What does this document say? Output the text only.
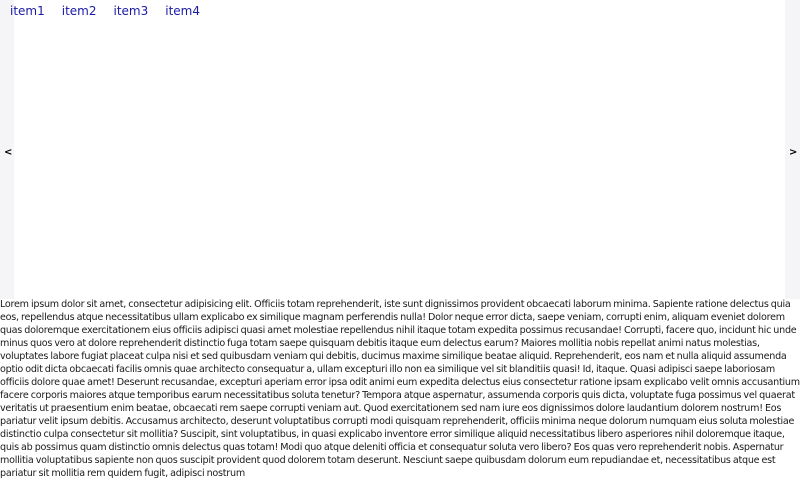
item1 item2 item3 item4
<	>

Lorem ipsum dolor sit amet, consectetur adipisicing elit. Officiis totam reprehenderit, iste sunt dignissimos provident obcaecati laborum minima. Sapiente ratione delectus quia eos, repellendus atque necessitatibus ullam explicabo ex similique magnam perferendis nulla! Dolor neque error dicta, saepe veniam, corrupti enim, aliquam eveniet dolorem quas doloremque exercitationem eius officiis adipisci quasi amet molestiae repellendus nihil itaque totam expedita possimus recusandae! Corrupti, facere quo, incidunt hic unde minus quos vero at dolore reprehenderit distinctio fuga totam saepe quisquam debitis itaque eum delectus earum? Maiores mollitia nobis repellat animi natus molestias, voluptates labore fugiat placeat culpa nisi et sed quibusdam veniam qui debitis, ducimus maxime similique beatae aliquid. Reprehenderit, eos nam et nulla aliquid assumenda optio odit dicta obcaecati facilis omnis quae architecto consequatur a, ullam excepturi illo non ea similique vel sit blanditiis quasi! Id, itaque. Quasi adipisci saepe laboriosam officiis dolore quae amet! Deserunt recusandae, excepturi aperiam error ipsa odit animi eum expedita delectus eius consectetur ratione ipsam explicabo velit omnis accusantium facere corporis maiores atque temporibus earum necessitatibus soluta tenetur? Tempora atque aspernatur, assumenda corporis quis dicta, voluptate fuga possimus vel quaerat veritatis ut praesentium enim beatae, obcaecati rem saepe corrupti veniam aut. Quod exercitationem sed nam iure eos dignissimos dolore laudantium dolorem nostrum! Eos pariatur velit ipsum debitis. Accusamus architecto, deserunt voluptatibus corrupti modi quisquam reprehenderit, officiis minima neque dolorum numquam eius soluta molestiae distinctio culpa consectetur sit mollitia? Suscipit, sint voluptatibus, in quasi explicabo inventore error similique aliquid necessitatibus libero asperiores nihil doloremque itaque, quis ab possimus quam distinctio omnis delectus quas totam! Modi quo atque deleniti officia et consequatur soluta vero libero? Eos quas vero reprehenderit nobis. Aspernatur mollitia voluptatibus sapiente non quos suscipit provident quod dolorem totam deserunt. Nesciunt saepe quibusdam dolorum eum repudiandae et, necessitatibus atque est pariatur sit mollitia rem quidem fugit, adipisci nostrum
